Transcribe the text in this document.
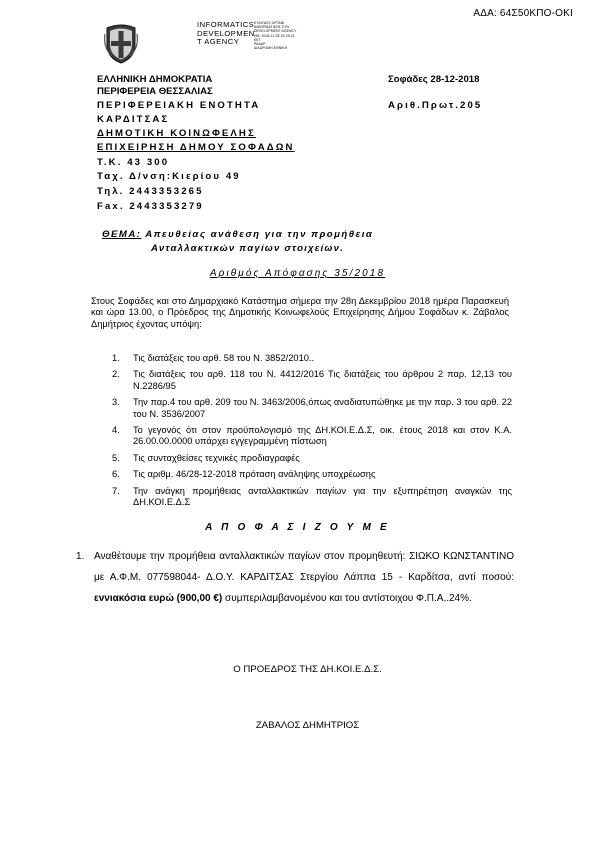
ΑΔΑ: 64Σ50ΚΠΟ-ΟΚΙ
INFORMATICS
DEVELOPMEN
T AGENCY
ΚΥΑΙΤΑΣΣ ΟΡΓΑΝΙ
ΙΝΦΟΡΜΑΤΙΚΗΣ ΣΥΝ
DEVELOPMENT AGENCY
ΗΜ: 2018.12.28 15:25:21
ΕΕΤ
ΡΑΔΑΡ
ΔΙΑΔΡΟΜΗ ΕΘΝΙΚΗ
ΕΛΛΗΝΙΚΗ ΔΗΜΟΚΡΑΤΙΑ
ΠΕΡΙΦΕΡΕΙΑ ΘΕΣΣΑΛΙΑΣ
ΠΕΡΙΦΕΡΕΙΑΚΗ ΕΝΟΤΗΤΑ
ΚΑΡΔΙΤΣΑΣ
ΔΗΜΟΤΙΚΗ ΚΟΙΝΩΦΕΛΗΣ
ΕΠΙΧΕΙΡΗΣΗ ΔΗΜΟΥ ΣΟΦΑΔΩΝ
Τ.Κ. 43 300
Ταχ. Δ/νση:Κιερίου 49
Τηλ. 2443353265
Fax. 2443353279
Σοφάδες 28-12-2018
Αριθ.Πρωτ.205
ΘΕΜΑ: Απευθείας ανάθεση για την προμήθεια
Ανταλλακτικών παγίων στοιχείων.
Αριθμός Απόφασης 35/2018
Στους Σοφάδες και στο Δημαρχιακό Κατάστημα σήμερα την 28η Δεκεμβρίου 2018 ημέρα Παρασκευή και ώρα 13.00, ο Πρόεδρος της Δημοτικής Κοινωφελούς Επιχείρησης Δήμου Σοφάδων κ. Ζάβαλος Δημήτριος έχοντας υπόψη:
1. Τις διατάξεις του αρθ. 58 του Ν. 3852/2010..
2. Τις διατάξεις του αρθ. 118 του Ν. 4412/2016 Τις διατάξεις του άρθρου 2 παρ. 12,13 του Ν.2286/95
3. Την παρ.4 του αρθ. 209 του Ν. 3463/2006,όπως αναδιατυπώθηκε με την παρ. 3 του αρθ. 22 του Ν. 3536/2007
4. Το γεγονός ότι στον προϋπολογισμό της ΔΗ.ΚΟΙ.Ε.Δ.Σ, οικ. έτους 2018 και στον Κ.Α. 26.00.00.0000 υπάρχει εγγεγραμμένη πίστωση
5. Τις συνταχθείσες τεχνικές προδιαγραφές
6. Τις αριθμ. 46/28-12-2018 πρόταση ανάληψης υποχρέωσης
7. Την ανάγκη προμήθειας ανταλλακτικών παγίων για την εξυπηρέτηση αναγκών της ΔΗ.ΚΟΙ.Ε.Δ.Σ
Α Π Ο Φ Α Σ Ι Ζ Ο Υ Μ Ε
1. Αναθέτουμε την προμήθεια ανταλλακτικών παγίων στον προμηθευτή: ΣΙΩΚΟ ΚΩΝΣΤΑΝΤΙΝΟ με Α.Φ.Μ. 077598044- Δ.Ο.Υ. ΚΑΡΔΙΤΣΑΣ Στεργίου Λάππα 15 - Καρδίτσα, αντί ποσού: εννιακόσια ευρώ (900,00 €) συμπεριλαμβανομένου και του αντίστοιχου Φ.Π.Α..24%.
Ο ΠΡΟΕΔΡΟΣ ΤΗΣ ΔΗ.ΚΟΙ.Ε.Δ.Σ.
ΖΑΒΑΛΟΣ ΔΗΜΗΤΡΙΟΣ
